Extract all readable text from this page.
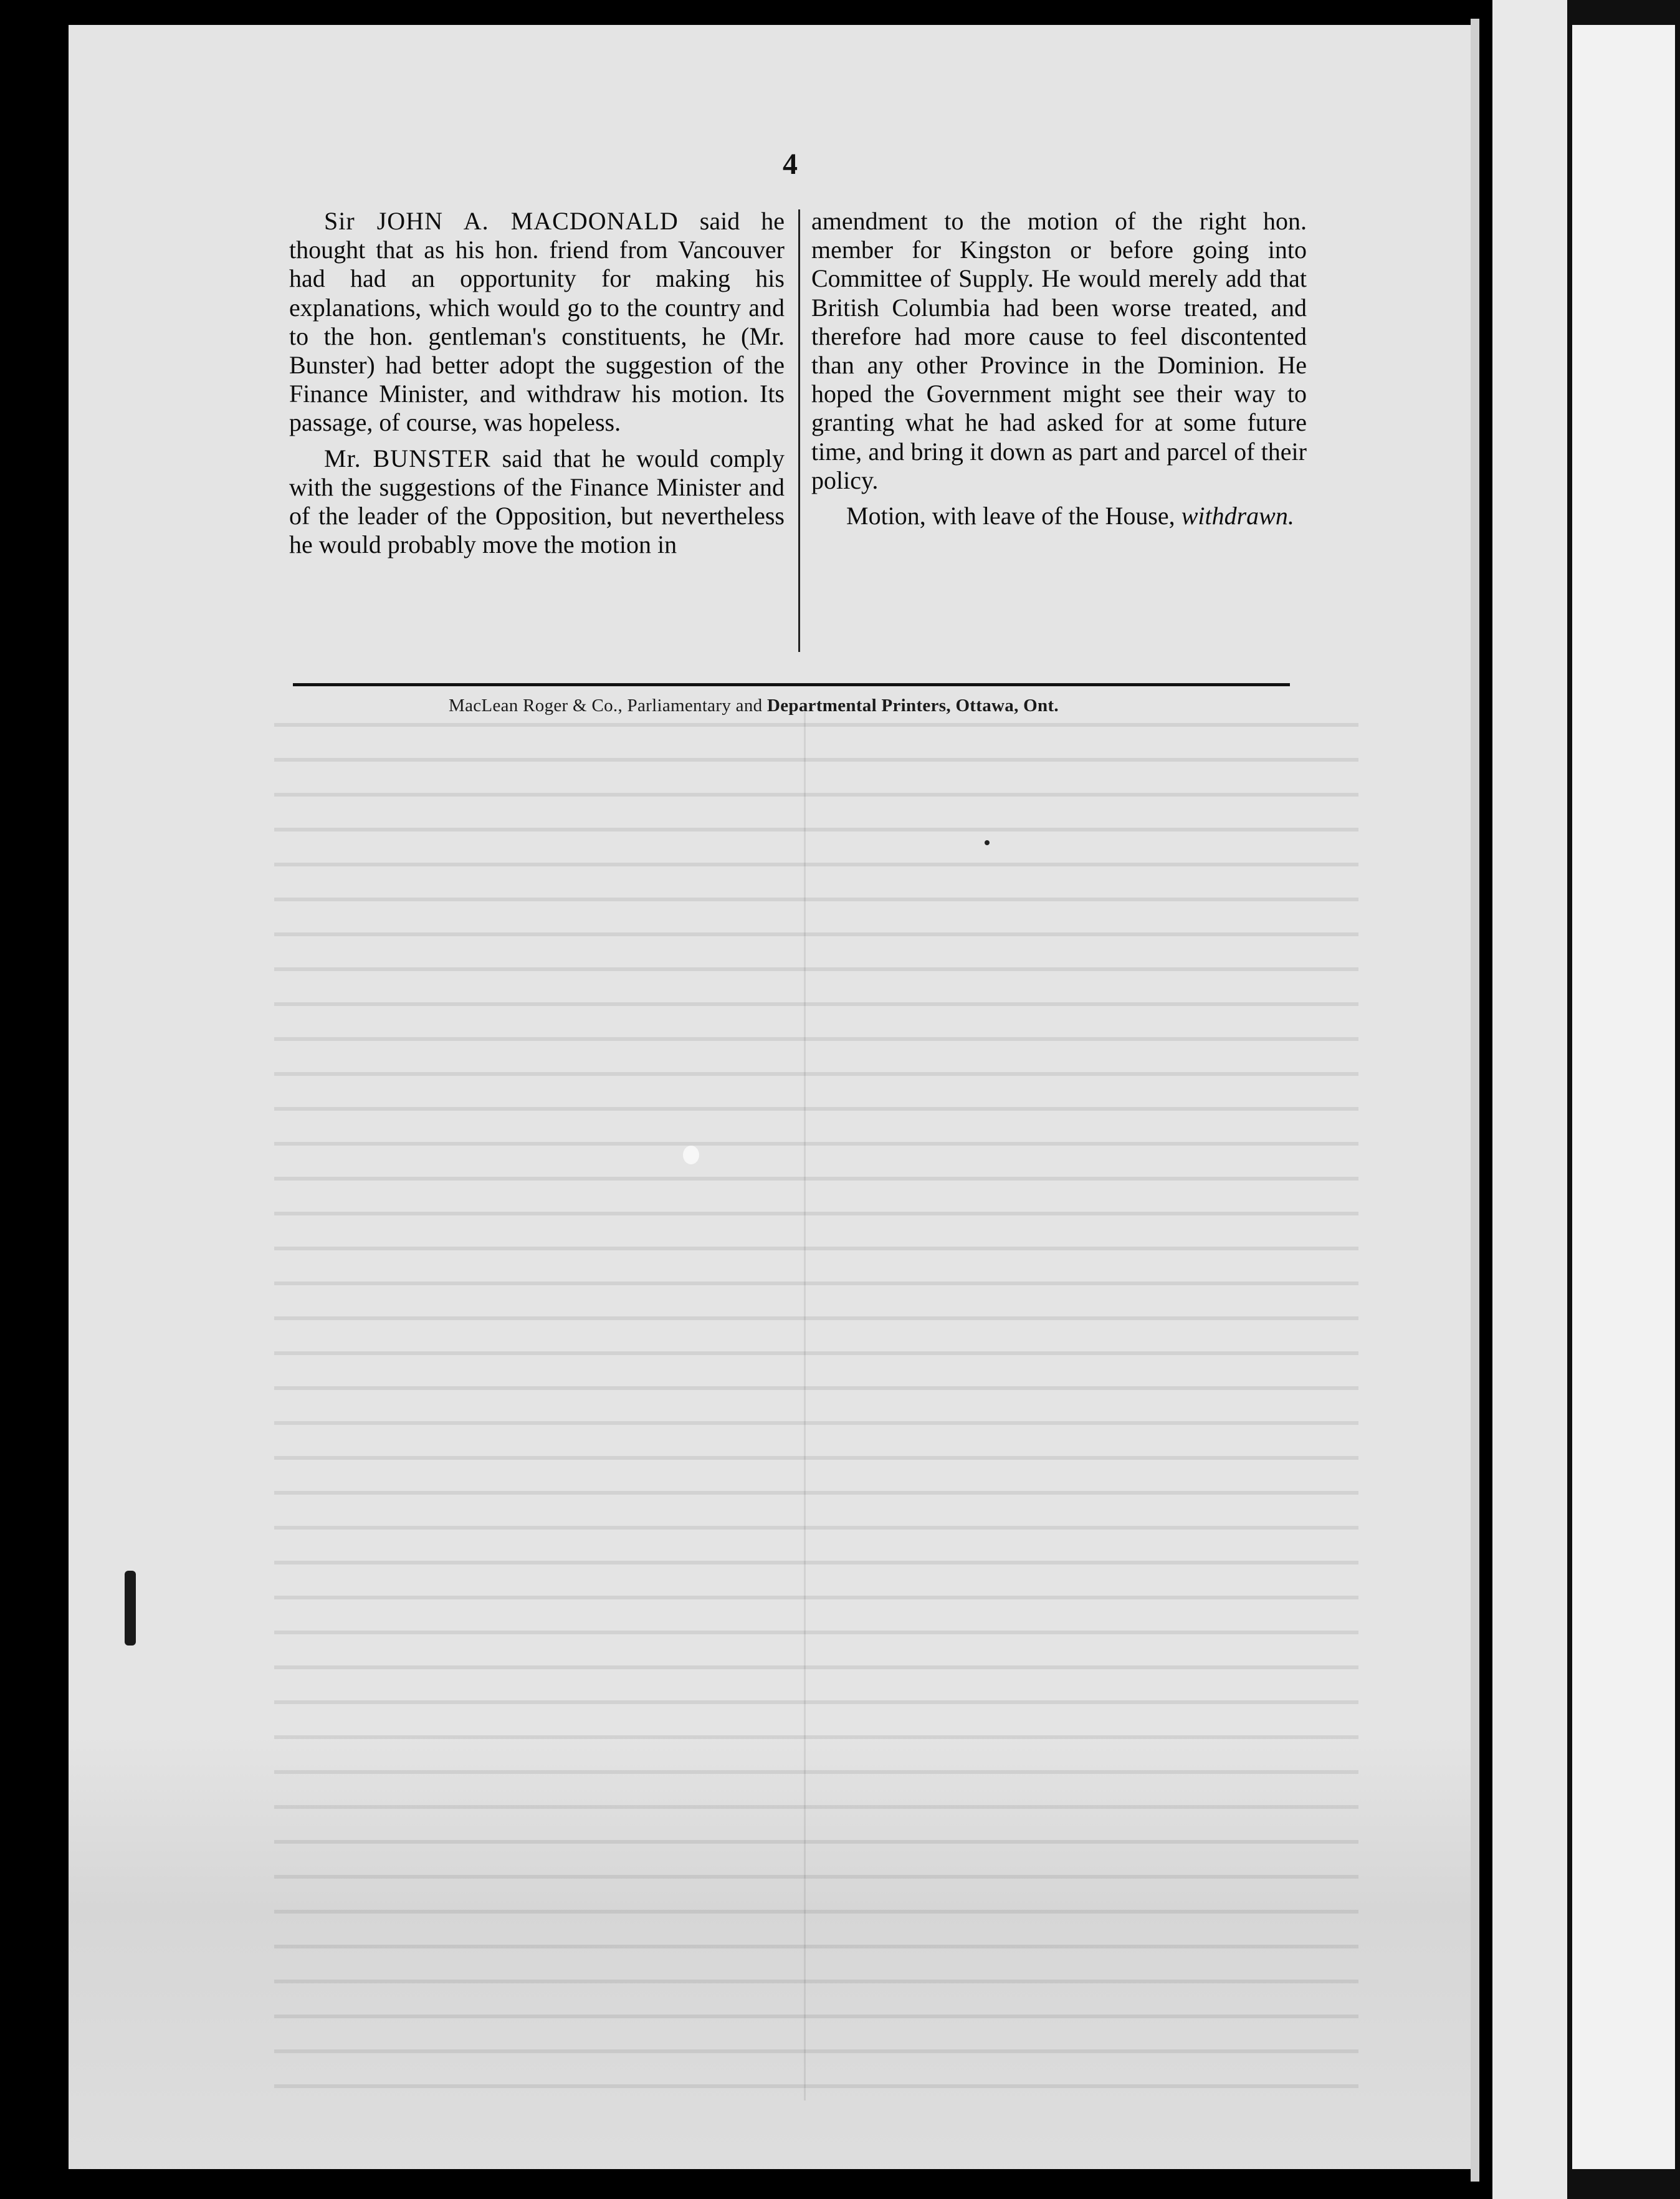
4

Sir JOHN A. MACDONALD said he thought that as his hon. friend from Vancouver had had an opportunity for making his explanations, which would go to the country and to the hon. gentleman's constituents, he (Mr. Bunster) had better adopt the suggestion of the Finance Minister, and withdraw his motion. Its passage, of course, was hopeless.

Mr. BUNSTER said that he would comply with the suggestions of the Finance Minister and of the leader of the Opposition, but nevertheless he would probably move the motion in

amendment to the motion of the right hon. member for Kingston or before going into Committee of Supply. He would merely add that British Columbia had been worse treated, and therefore had more cause to feel discontented than any other Province in the Dominion. He hoped the Government might see their way to granting what he had asked for at some future time, and bring it down as part and parcel of their policy.

Motion, with leave of the House, withdrawn.

MacLean Roger & Co., Parliamentary and Departmental Printers, Ottawa, Ont.
